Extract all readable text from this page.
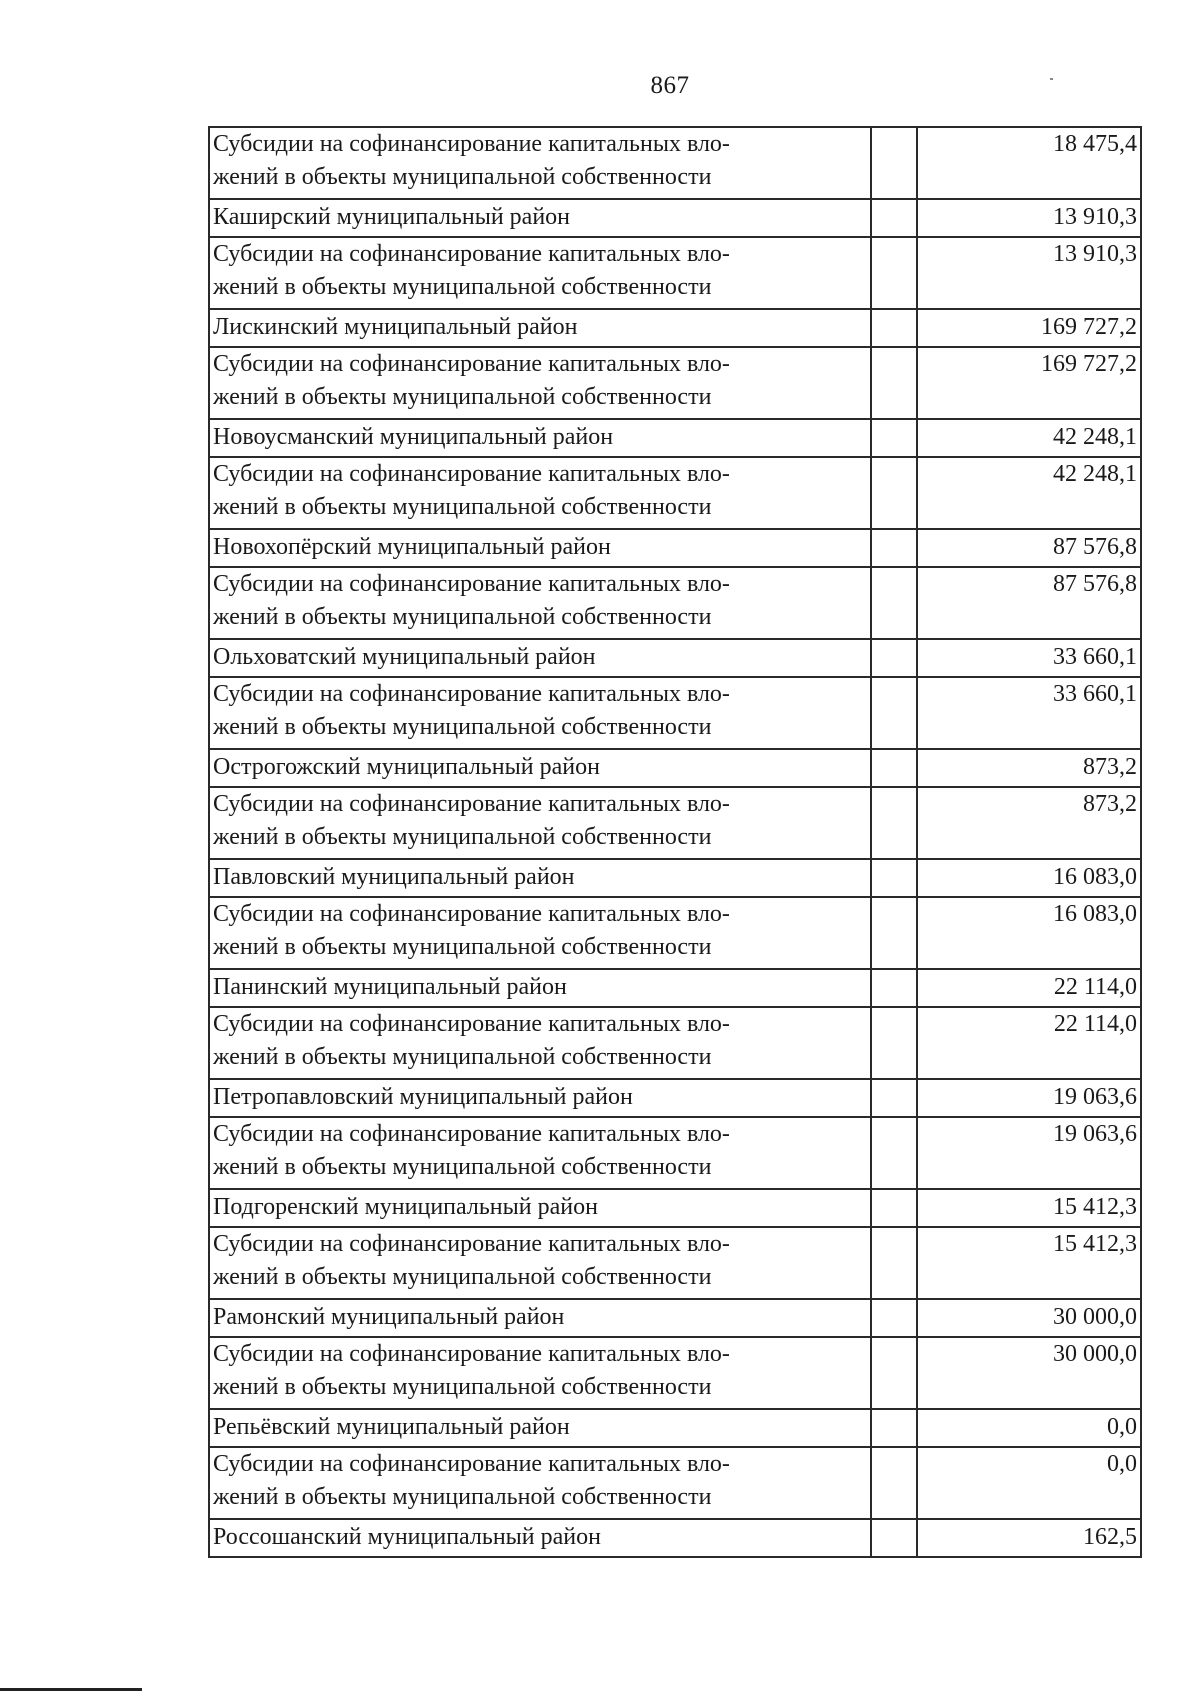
867
Субсидии на софинансирование капитальных вло-
жений в объекты муниципальной собственности		18 475,4

Каширский муниципальный район		13 910,3

Субсидии на софинансирование капитальных вло-
жений в объекты муниципальной собственности		13 910,3

Лискинский муниципальный район		169 727,2

Субсидии на софинансирование капитальных вло-
жений в объекты муниципальной собственности		169 727,2

Новоусманский муниципальный район		42 248,1

Субсидии на софинансирование капитальных вло-
жений в объекты муниципальной собственности		42 248,1

Новохопёрский муниципальный район		87 576,8

Субсидии на софинансирование капитальных вло-
жений в объекты муниципальной собственности		87 576,8

Ольховатский муниципальный район		33 660,1

Субсидии на софинансирование капитальных вло-
жений в объекты муниципальной собственности		33 660,1

Острогожский муниципальный район		873,2

Субсидии на софинансирование капитальных вло-
жений в объекты муниципальной собственности		873,2

Павловский муниципальный район		16 083,0

Субсидии на софинансирование капитальных вло-
жений в объекты муниципальной собственности		16 083,0

Панинский муниципальный район		22 114,0

Субсидии на софинансирование капитальных вло-
жений в объекты муниципальной собственности		22 114,0

Петропавловский муниципальный район		19 063,6

Субсидии на софинансирование капитальных вло-
жений в объекты муниципальной собственности		19 063,6

Подгоренский муниципальный район		15 412,3

Субсидии на софинансирование капитальных вло-
жений в объекты муниципальной собственности		15 412,3

Рамонский муниципальный район		30 000,0

Субсидии на софинансирование капитальных вло-
жений в объекты муниципальной собственности		30 000,0

Репьёвский муниципальный район		0,0

Субсидии на софинансирование капитальных вло-
жений в объекты муниципальной собственности		0,0

Россошанский муниципальный район		162,5
